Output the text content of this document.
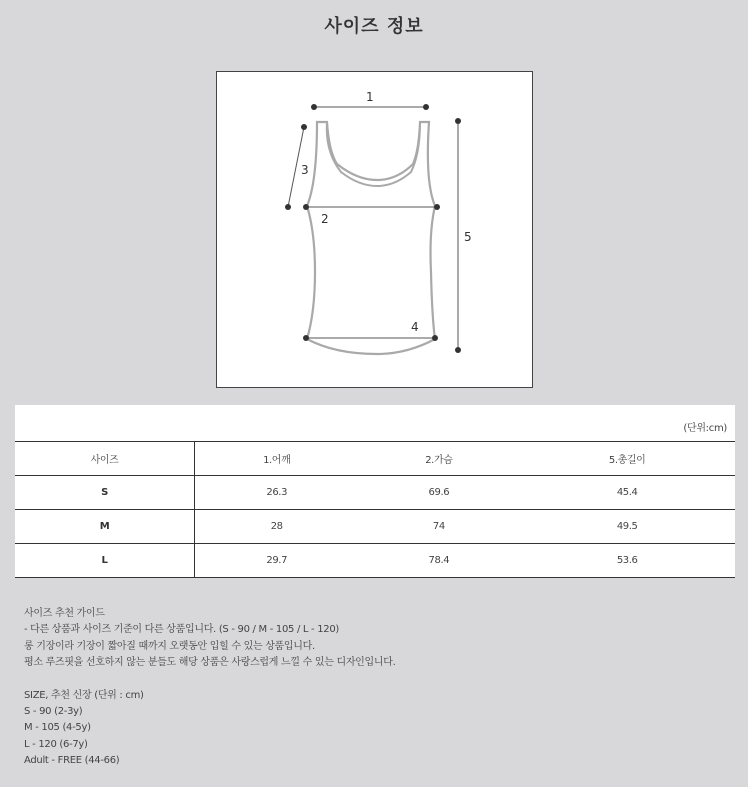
사이즈 정보
1
2
3
4
5
(단위:cm)
사이즈	1.어깨	2.가슴	5.총길이
S	26.3	69.6	45.4
M	28	74	49.5
L	29.7	78.4	53.6
사이즈 추천 가이드
- 다른 상품과 사이즈 기준이 다른 상품입니다. (S - 90 / M - 105 / L - 120)
롱 기장이라 기장이 짧아질 때까지 오랫동안 입힐 수 있는 상품입니다.
평소 루즈핏을 선호하지 않는 분들도 해당 상품은 사랑스럽게 느낄 수 있는 디자인입니다.
SIZE, 추천 신장 (단위 : cm)
S - 90 (2-3y)
M - 105 (4-5y)
L - 120 (6-7y)
Adult - FREE (44-66)
